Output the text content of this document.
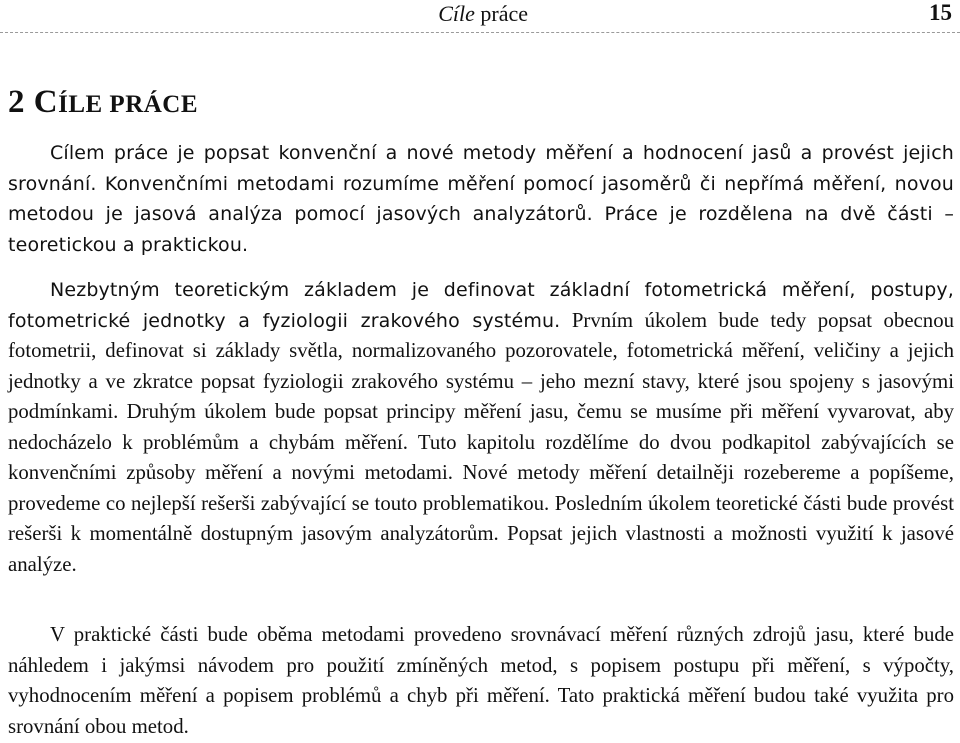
Cíle práce	15
2 CÍLE PRÁCE

Cílem práce je popsat konvenční a nové metody měření a hodnocení jasů a provést jejich srovnání. Konvenčními metodami rozumíme měření pomocí jasoměrů či nepřímá měření, novou metodou je jasová analýza pomocí jasových analyzátorů. Práce je rozdělena na dvě části – teoretickou a praktickou.

Nezbytným teoretickým základem je definovat základní fotometrická měření, postupy, fotometrické jednotky a fyziologii zrakového systému. Prvním úkolem bude tedy popsat obecnou fotometrii, definovat si základy světla, normalizovaného pozorovatele, fotometrická měření, veličiny a jejich jednotky a ve zkratce popsat fyziologii zrakového systému – jeho mezní stavy, které jsou spojeny s jasovými podmínkami. Druhým úkolem bude popsat principy měření jasu, čemu se musíme při měření vyvarovat, aby nedocházelo k problémům a chybám měření. Tuto kapitolu rozdělíme do dvou podkapitol zabývajících se konvenčními způsoby měření a novými metodami. Nové metody měření detailněji rozebereme a popíšeme, provedeme co nejlepší rešerši zabývající se touto problematikou. Posledním úkolem teoretické části bude provést rešerši k momentálně dostupným jasovým analyzátorům. Popsat jejich vlastnosti a možnosti využití k jasové analýze.

V praktické části bude oběma metodami provedeno srovnávací měření různých zdrojů jasu, které bude náhledem i jakýmsi návodem pro použití zmíněných metod, s popisem postupu při měření, s výpočty, vyhodnocením měření a popisem problémů a chyb při měření. Tato praktická měření budou také využita pro srovnání obou metod.
